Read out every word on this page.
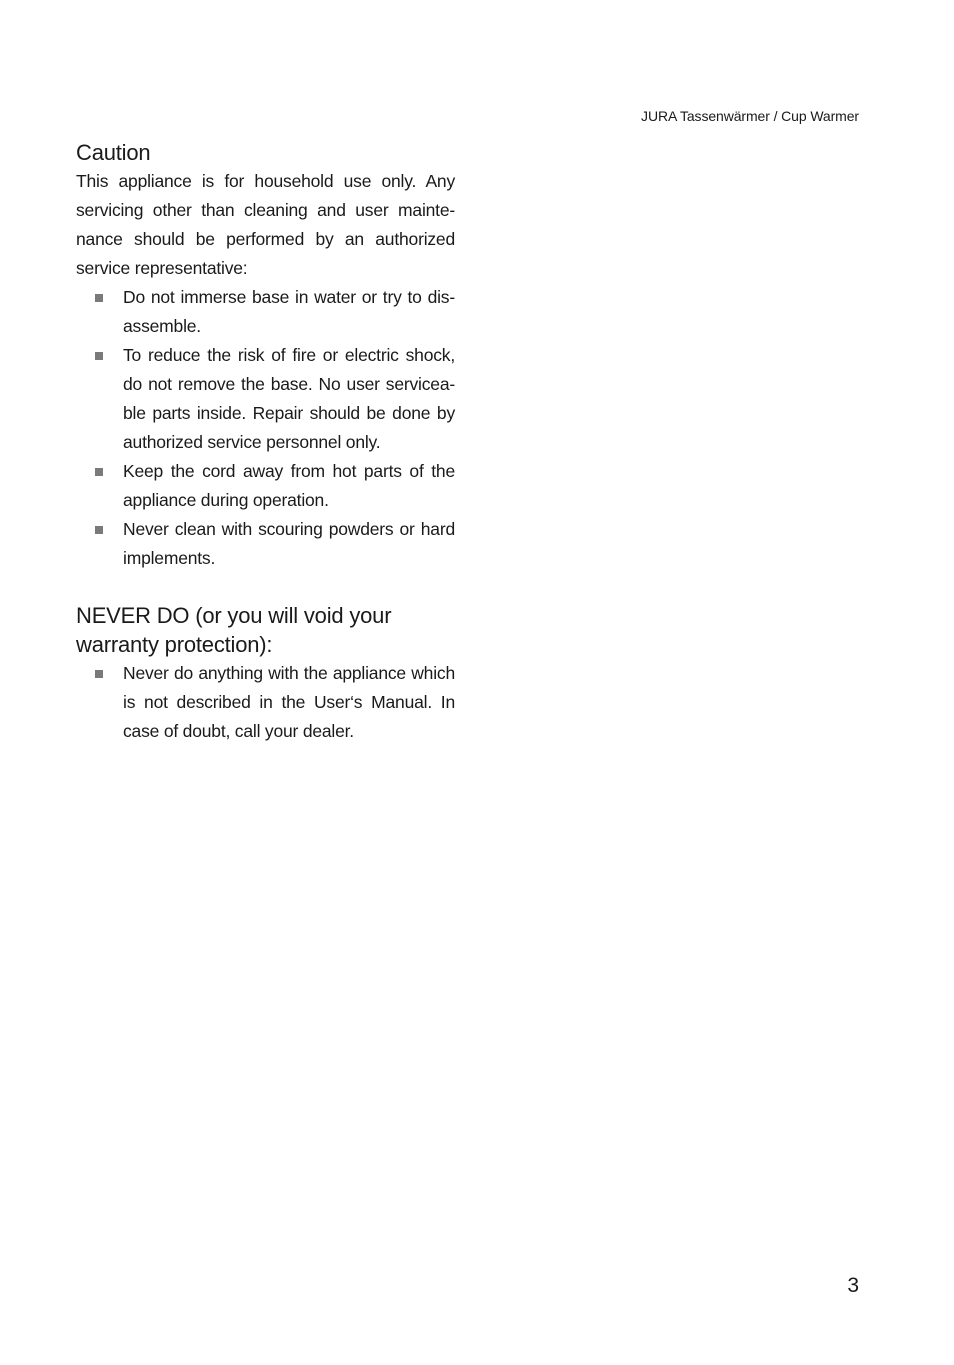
JURA Tassenwärmer / Cup Warmer
Caution

This appliance is for household use only. Any servicing other than cleaning and user mainte-nance should be performed by an authorized service representative:

Do not immerse base in water or try to dis-assemble.
To reduce the risk of fire or electric shock, do not remove the base. No user servicea-ble parts inside. Repair should be done by authorized service personnel only.
Keep the cord away from hot parts of the appliance during operation.
Never clean with scouring powders or hard implements.
NEVER DO (or you will void your warranty protection):
Never do anything with the appliance which is not described in the User‘s Manual. In case of doubt, call your dealer.
3
